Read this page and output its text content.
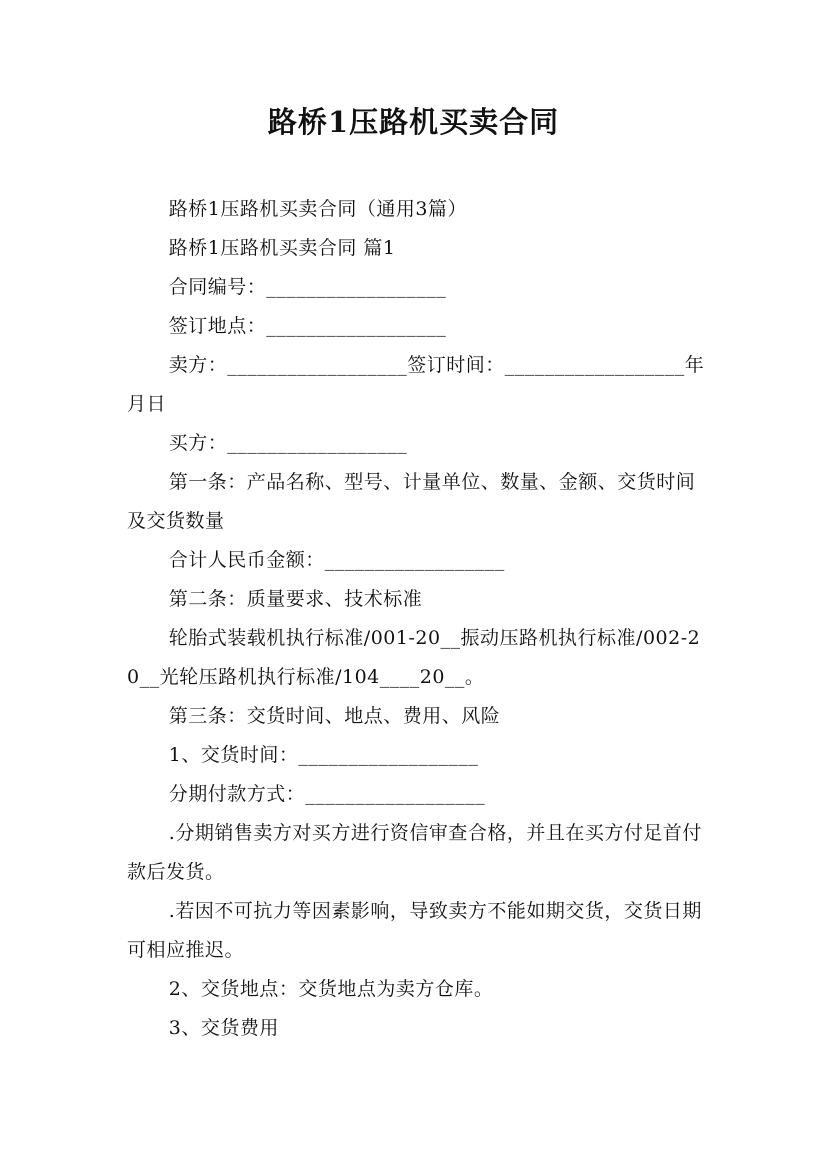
路桥1压路机买卖合同

路桥1压路机买卖合同（通用3篇）

路桥1压路机买卖合同 篇1

合同编号：__________________

签订地点：__________________

卖方：__________________签订时间：__________________年月日

买方：__________________

第一条：产品名称、型号、计量单位、数量、金额、交货时间及交货数量

合计人民币金额：__________________

第二条：质量要求、技术标准

轮胎式装载机执行标准/001-20__振动压路机执行标准/002-20__光轮压路机执行标准/104____20__。

第三条：交货时间、地点、费用、风险

1、交货时间：__________________

分期付款方式：__________________

.分期销售卖方对买方进行资信审查合格，并且在买方付足首付款后发货。

.若因不可抗力等因素影响，导致卖方不能如期交货，交货日期可相应推迟。

2、交货地点：交货地点为卖方仓库。

3、交货费用
